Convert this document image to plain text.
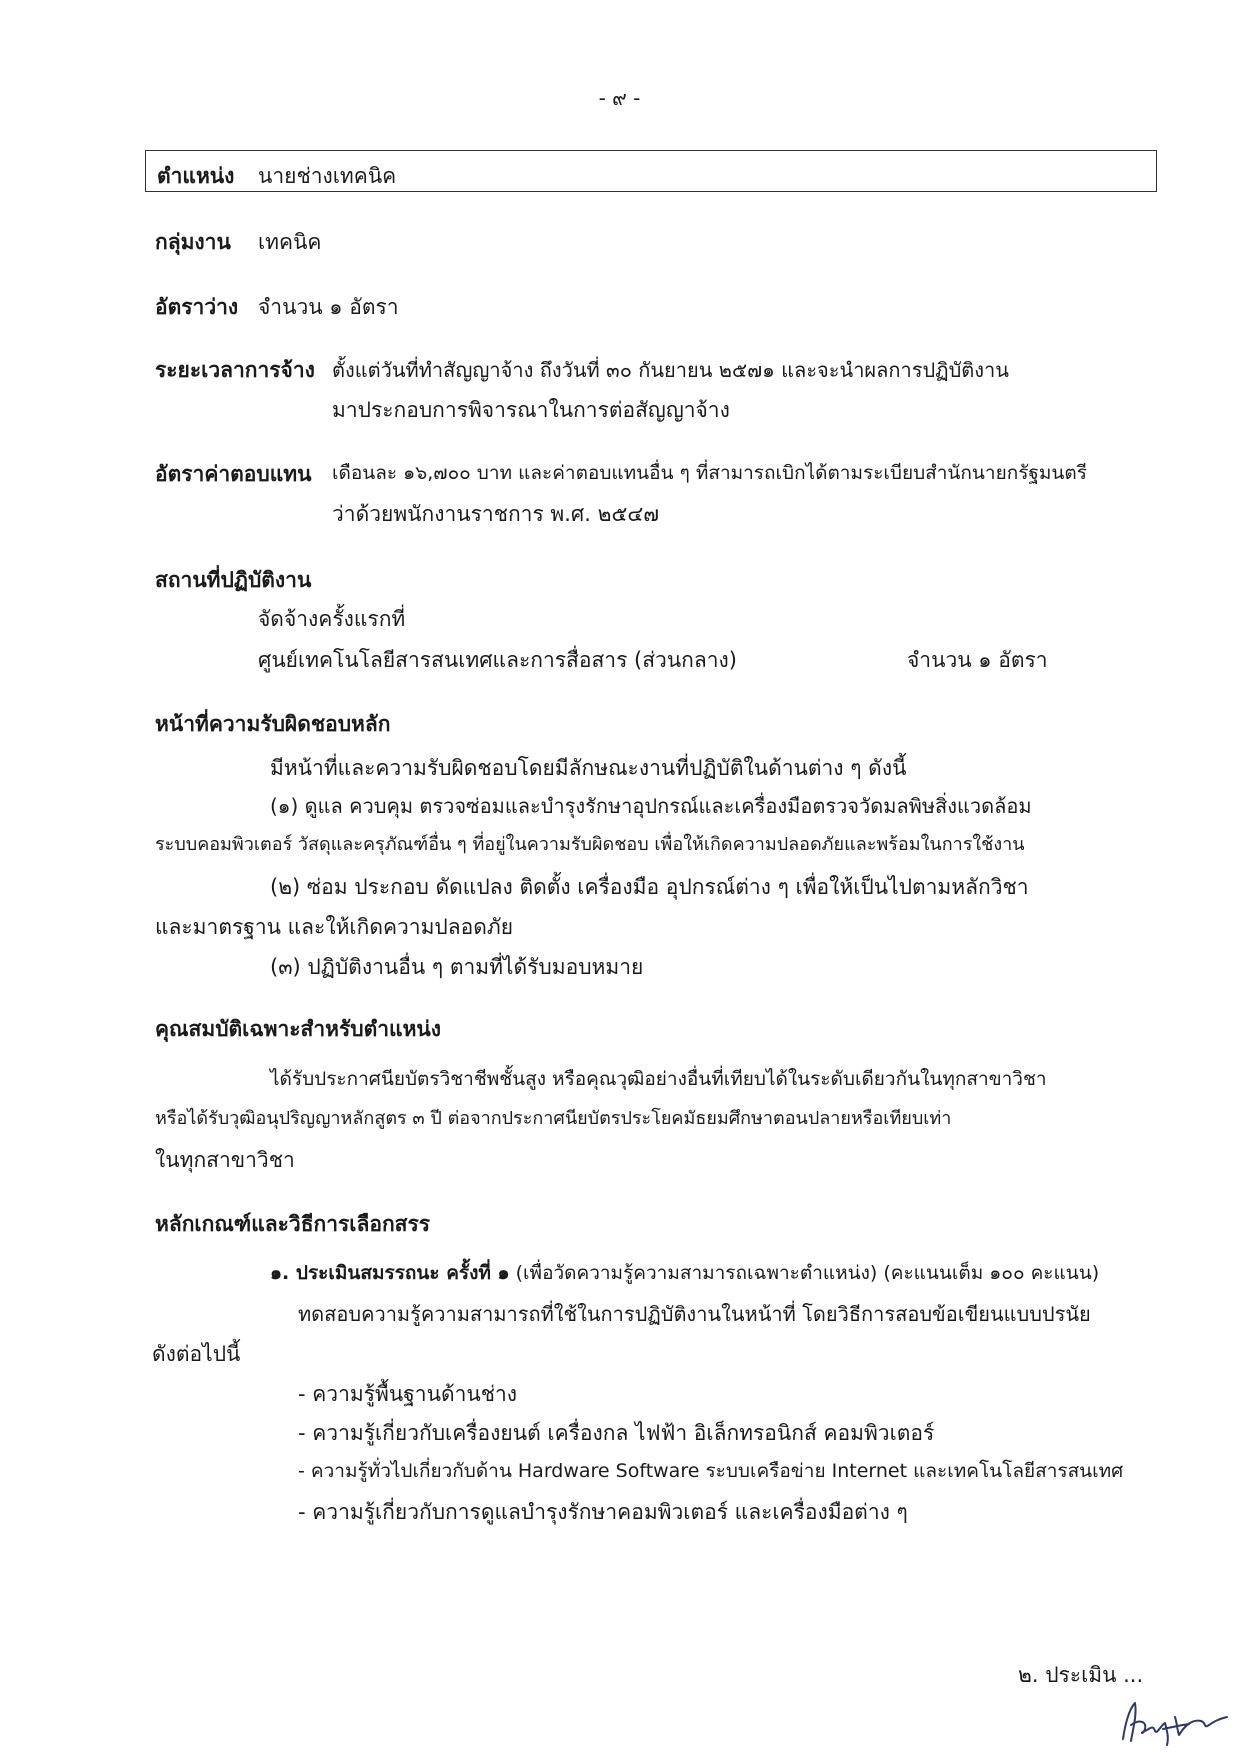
- ๙ -
ตำแหน่ง นายช่างเทคนิค
กลุ่มงาน เทคนิค
อัตราว่าง จำนวน ๑ อัตรา
ระยะเวลาการจ้าง ตั้งแต่วันที่ทำสัญญาจ้าง ถึงวันที่ ๓๐ กันยายน ๒๕๗๑ และจะนำผลการปฏิบัติงาน
มาประกอบการพิจารณาในการต่อสัญญาจ้าง
อัตราค่าตอบแทน เดือนละ ๑๖,๗๐๐ บาท และค่าตอบแทนอื่น ๆ ที่สามารถเบิกได้ตามระเบียบสำนักนายกรัฐมนตรี
ว่าด้วยพนักงานราชการ พ.ศ. ๒๕๔๗
สถานที่ปฏิบัติงาน
จัดจ้างครั้งแรกที่
ศูนย์เทคโนโลยีสารสนเทศและการสื่อสาร (ส่วนกลาง)	จำนวน ๑ อัตรา
หน้าที่ความรับผิดชอบหลัก
มีหน้าที่และความรับผิดชอบโดยมีลักษณะงานที่ปฏิบัติในด้านต่าง ๆ ดังนี้
(๑) ดูแล ควบคุม ตรวจซ่อมและบำรุงรักษาอุปกรณ์และเครื่องมือตรวจวัดมลพิษสิ่งแวดล้อม
ระบบคอมพิวเตอร์ วัสดุและครุภัณฑ์อื่น ๆ ที่อยู่ในความรับผิดชอบ เพื่อให้เกิดความปลอดภัยและพร้อมในการใช้งาน
(๒) ซ่อม ประกอบ ดัดแปลง ติดตั้ง เครื่องมือ อุปกรณ์ต่าง ๆ เพื่อให้เป็นไปตามหลักวิชา
และมาตรฐาน และให้เกิดความปลอดภัย
(๓) ปฏิบัติงานอื่น ๆ ตามที่ได้รับมอบหมาย
คุณสมบัติเฉพาะสำหรับตำแหน่ง
ได้รับประกาศนียบัตรวิชาชีพชั้นสูง หรือคุณวุฒิอย่างอื่นที่เทียบได้ในระดับเดียวกันในทุกสาขาวิชา
หรือได้รับวุฒิอนุปริญญาหลักสูตร ๓ ปี ต่อจากประกาศนียบัตรประโยคมัธยมศึกษาตอนปลายหรือเทียบเท่า
ในทุกสาขาวิชา
หลักเกณฑ์และวิธีการเลือกสรร
๑. ประเมินสมรรถนะ ครั้งที่ ๑ (เพื่อวัดความรู้ความสามารถเฉพาะตำแหน่ง) (คะแนนเต็ม ๑๐๐ คะแนน)
ทดสอบความรู้ความสามารถที่ใช้ในการปฏิบัติงานในหน้าที่ โดยวิธีการสอบข้อเขียนแบบปรนัย
ดังต่อไปนี้
- ความรู้พื้นฐานด้านช่าง
- ความรู้เกี่ยวกับเครื่องยนต์ เครื่องกล ไฟฟ้า อิเล็กทรอนิกส์ คอมพิวเตอร์
- ความรู้ทั่วไปเกี่ยวกับด้าน Hardware Software ระบบเครือข่าย Internet และเทคโนโลยีสารสนเทศ
- ความรู้เกี่ยวกับการดูแลบำรุงรักษาคอมพิวเตอร์ และเครื่องมือต่าง ๆ
๒. ประเมิน ...
